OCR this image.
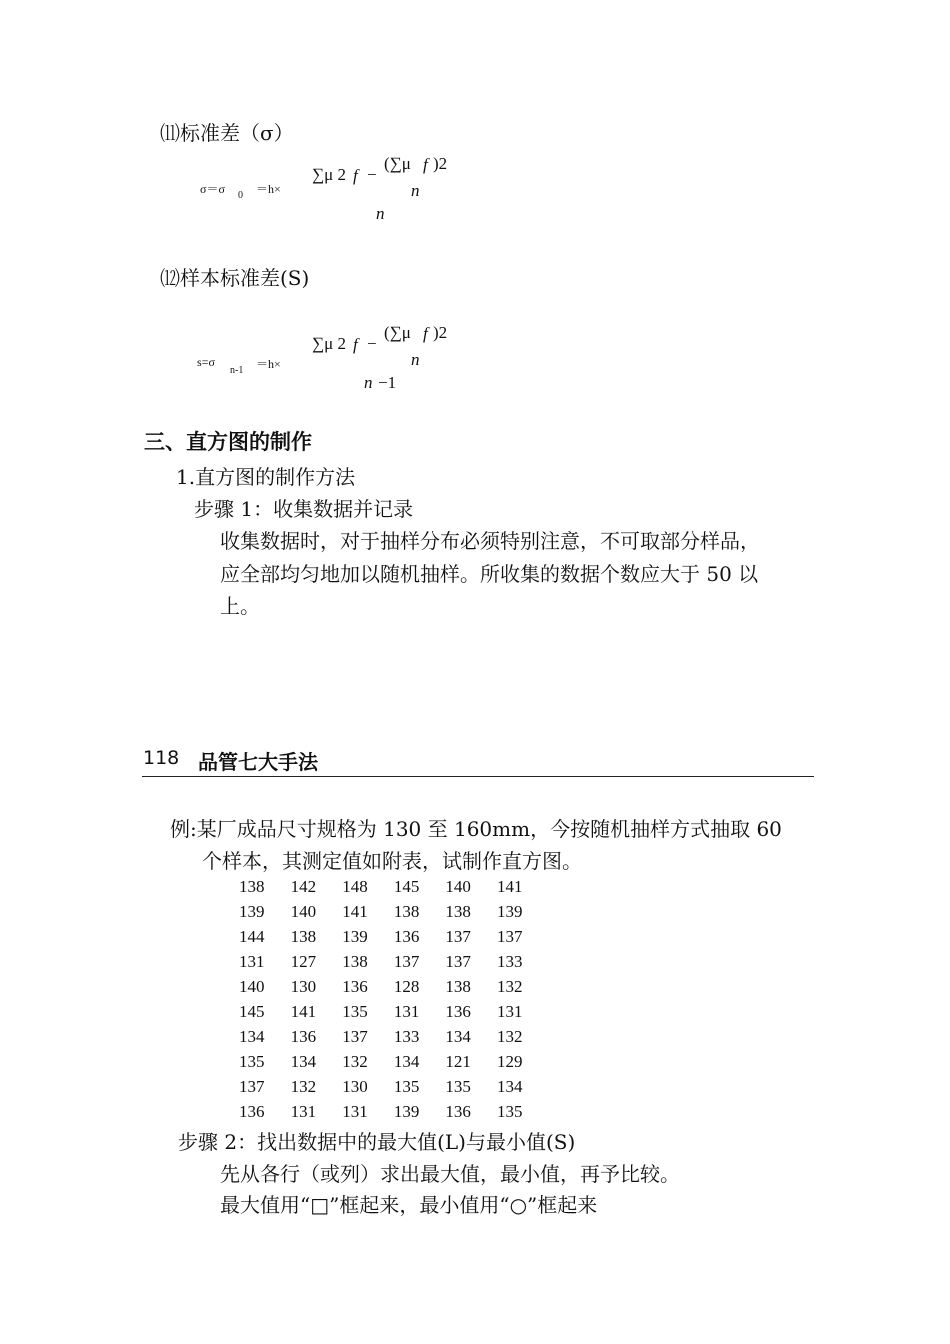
⑾标准差（σ）
σ＝σ 0 ＝h×
∑μ 2 f −
(∑μ f )2
n
n
⑿样本标准差(S)
s=σ
n-1 ＝h×
∑μ 2 f −
(∑μ f )2
n
n −1
三、直方图的制作
1.直方图的制作方法
步骤 1：收集数据并记录
收集数据时，对于抽样分布必须特别注意，不可取部分样品，
应全部均匀地加以随机抽样。所收集的数据个数应大于 50 以
上。
118 品管七大手法
例:某厂成品尺寸规格为 130 至 160mm，今按随机抽样方式抽取 60
个样本，其测定值如附表，试制作直方图。
138	142	148	145	140	141
139	140	141	138	138	139
144	138	139	136	137	137
131	127	138	137	137	133
140	130	136	128	138	132
145	141	135	131	136	131
134	136	137	133	134	132
135	134	132	134	121	129
137	132	130	135	135	134
136	131	131	139	136	135
步骤 2：找出数据中的最大值(L)与最小值(S)
先从各行（或列）求出最大值，最小值，再予比较。
最大值用“□”框起来，最小值用“○”框起来
